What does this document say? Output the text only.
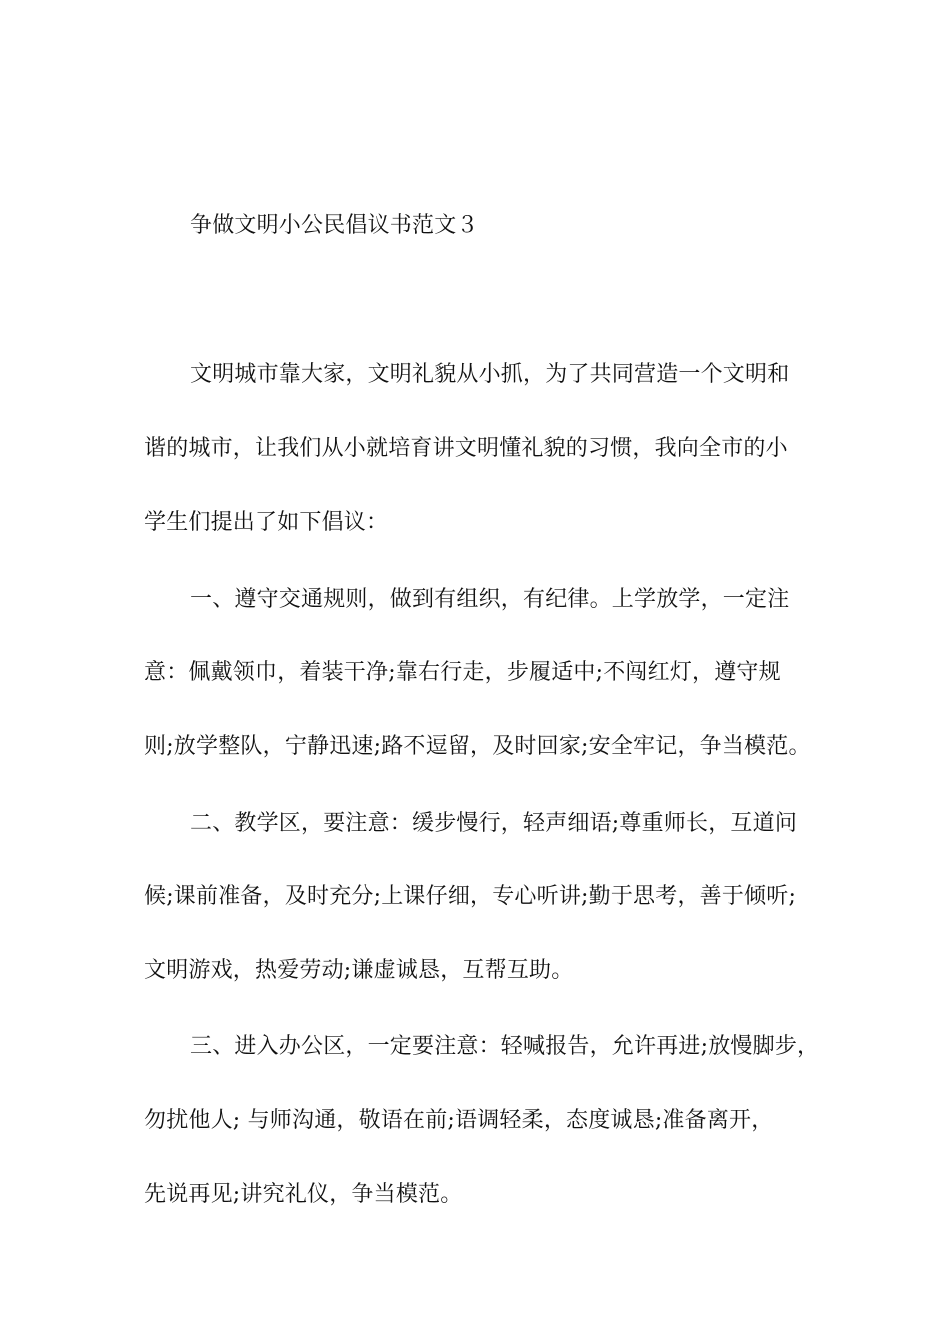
争做文明小公民倡议书范文３
文明城市靠大家，文明礼貌从小抓，为了共同营造一个文明和
谐的城市，让我们从小就培育讲文明懂礼貌的习惯，我向全市的小
学生们提出了如下倡议：
一、遵守交通规则，做到有组织，有纪律。上学放学，一定注
意：佩戴领巾，着装干净;靠右行走，步履适中;不闯红灯，遵守规
则;放学整队，宁静迅速;路不逗留，及时回家;安全牢记，争当模范。
二、教学区，要注意：缓步慢行，轻声细语;尊重师长，互道问
候;课前准备，及时充分;上课仔细，专心听讲;勤于思考，善于倾听;
文明游戏，热爱劳动;谦虚诚恳，互帮互助。
三、进入办公区，一定要注意：轻喊报告，允许再进;放慢脚步，
勿扰他人; 与师沟通，敬语在前;语调轻柔，态度诚恳;准备离开，
先说再见;讲究礼仪，争当模范。
